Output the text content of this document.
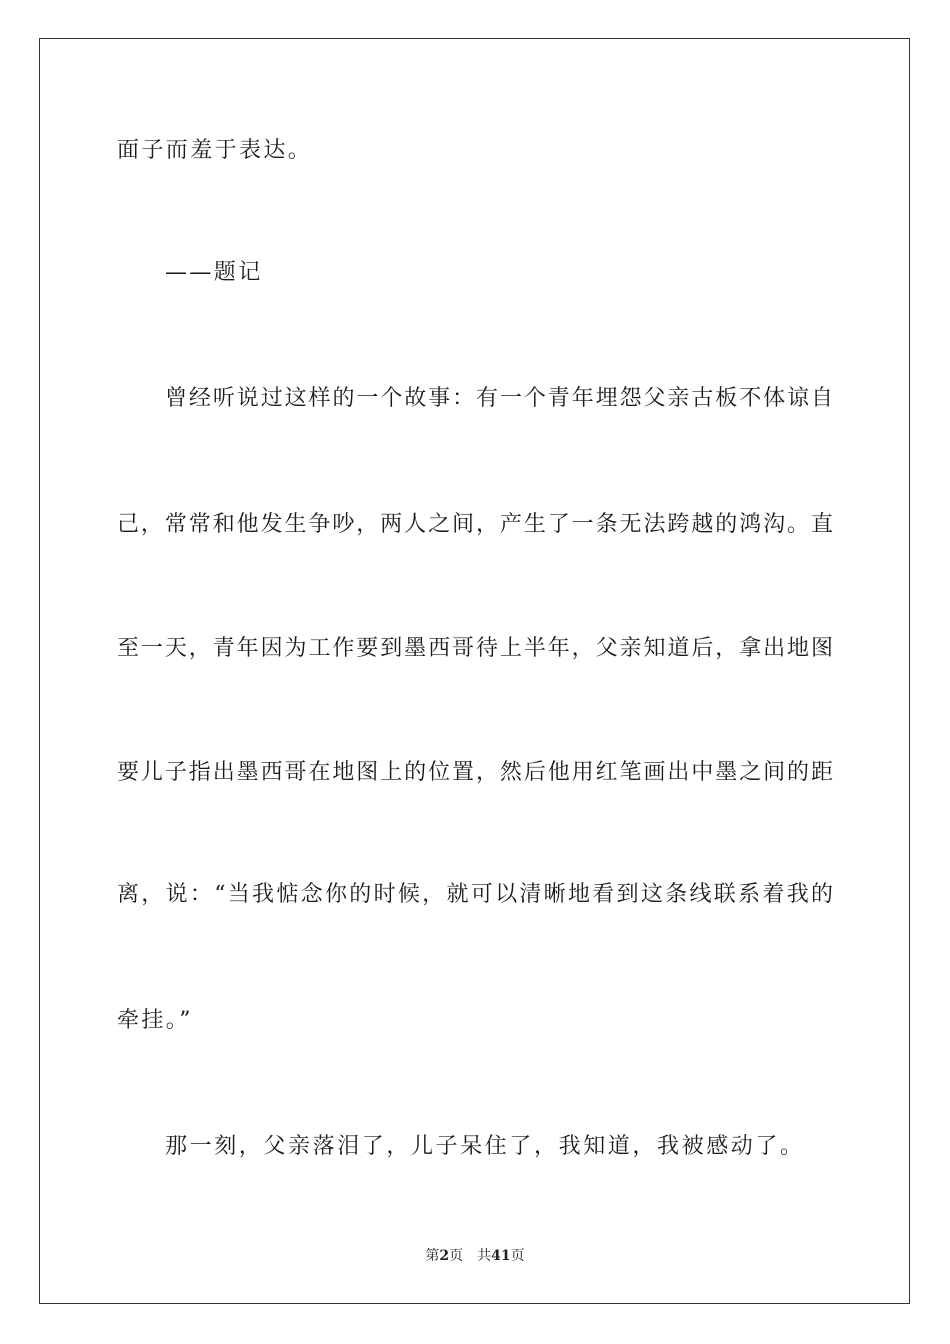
面子而羞于表达。
——题记
曾经听说过这样的一个故事：有一个青年埋怨父亲古板不体谅自
己，常常和他发生争吵，两人之间，产生了一条无法跨越的鸿沟。直
至一天，青年因为工作要到墨西哥待上半年，父亲知道后，拿出地图
要儿子指出墨西哥在地图上的位置，然后他用红笔画出中墨之间的距
离，说：“当我惦念你的时候，就可以清晰地看到这条线联系着我的
牵挂。”
那一刻，父亲落泪了，儿子呆住了，我知道，我被感动了。
第2页 共41页
